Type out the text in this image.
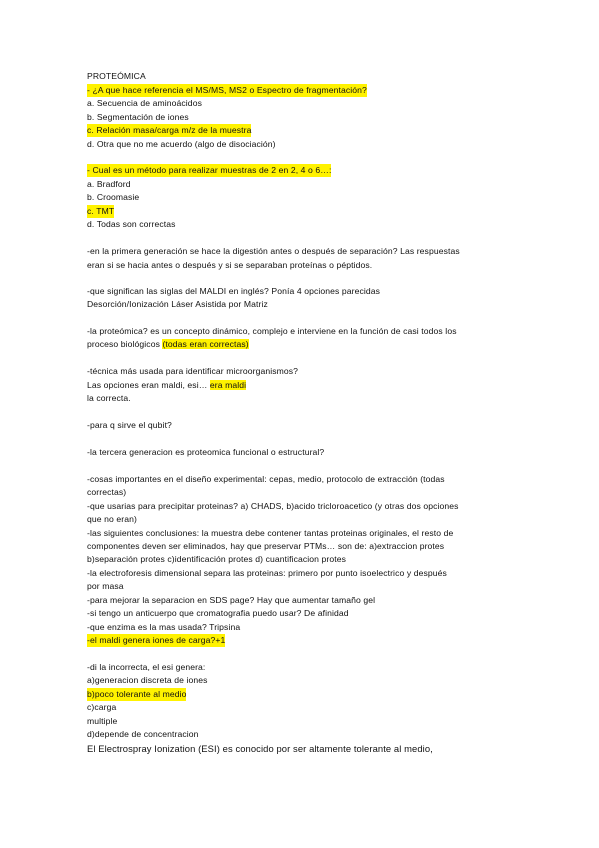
PROTEÓMICA
- ¿A que hace referencia el MS/MS, MS2 o Espectro de fragmentación?
a. Secuencia de aminoácidos
b. Segmentación de iones
c. Relación masa/carga m/z de la muestra
d. Otra que no me acuerdo (algo de disociación)
- Cual es un método para realizar muestras de 2 en 2, 4 o 6…:
a. Bradford
b. Croomasie
c. TMT
d. Todas son correctas
-en la primera generación se hace la digestión antes o después de separación? Las respuestas
eran si se hacia antes o después y si se separaban proteínas o péptidos.
-que significan las siglas del MALDI en inglés? Ponía 4 opciones parecidas
Desorción/Ionización Láser Asistida por Matriz
-la proteómica? es un concepto dinámico, complejo e interviene en la función de casi todos los
proceso biológicos (todas eran correctas)
-técnica más usada para identificar microorganismos?
Las opciones eran maldi, esi… era maldi
la correcta.
-para q sirve el qubit?
-la tercera generacion es proteomica funcional o estructural?
-cosas importantes en el diseño experimental: cepas, medio, protocolo de extracción (todas
correctas)
-que usarias para precipitar proteinas? a) CHADS, b)acido tricloroacetico (y otras dos opciones
que no eran)
-las siguientes conclusiones: la muestra debe contener tantas proteinas originales, el resto de
componentes deven ser eliminados, hay que preservar PTMs… son de: a)extraccion protes
b)separación protes c)identificación protes d) cuantificacion protes
-la electroforesis dimensional separa las proteinas: primero por punto isoelectrico y después
por masa
-para mejorar la separacion en SDS page? Hay que aumentar tamaño gel
-si tengo un anticuerpo que cromatografia puedo usar? De afinidad
-que enzima es la mas usada? Tripsina
-el maldi genera iones de carga?+1
-di la incorrecta, el esi genera:
a)generacion discreta de iones
b)poco tolerante al medio
c)carga
multiple
d)depende de concentracion
El Electrospray Ionization (ESI) es conocido por ser altamente tolerante al medio,
